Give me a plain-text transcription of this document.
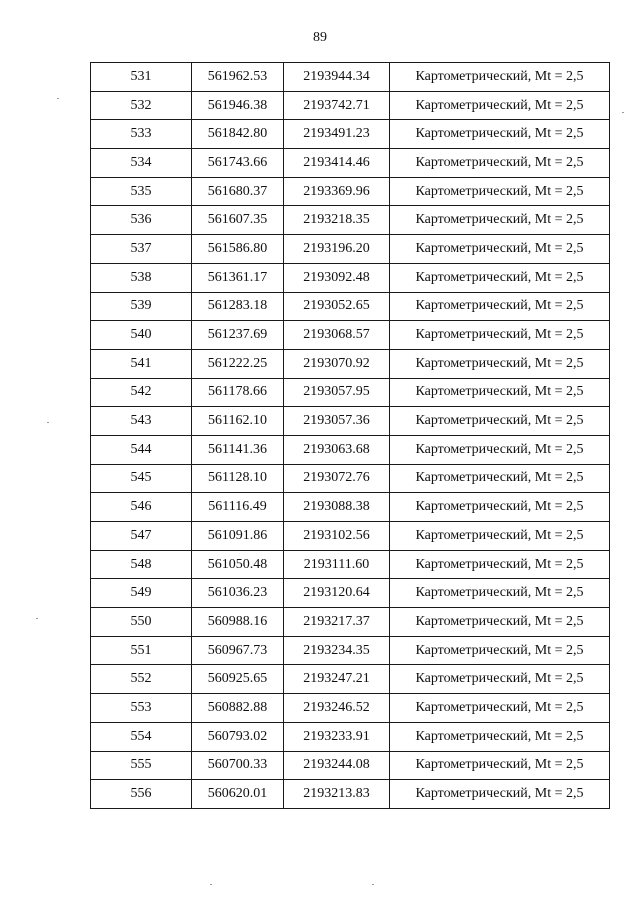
89
531	561962.53	2193944.34	Картометрический, Mt = 2,5
532	561946.38	2193742.71	Картометрический, Mt = 2,5
533	561842.80	2193491.23	Картометрический, Mt = 2,5
534	561743.66	2193414.46	Картометрический, Mt = 2,5
535	561680.37	2193369.96	Картометрический, Mt = 2,5
536	561607.35	2193218.35	Картометрический, Mt = 2,5
537	561586.80	2193196.20	Картометрический, Mt = 2,5
538	561361.17	2193092.48	Картометрический, Mt = 2,5
539	561283.18	2193052.65	Картометрический, Mt = 2,5
540	561237.69	2193068.57	Картометрический, Mt = 2,5
541	561222.25	2193070.92	Картометрический, Mt = 2,5
542	561178.66	2193057.95	Картометрический, Mt = 2,5
543	561162.10	2193057.36	Картометрический, Mt = 2,5
544	561141.36	2193063.68	Картометрический, Mt = 2,5
545	561128.10	2193072.76	Картометрический, Mt = 2,5
546	561116.49	2193088.38	Картометрический, Mt = 2,5
547	561091.86	2193102.56	Картометрический, Mt = 2,5
548	561050.48	2193111.60	Картометрический, Mt = 2,5
549	561036.23	2193120.64	Картометрический, Mt = 2,5
550	560988.16	2193217.37	Картометрический, Mt = 2,5
551	560967.73	2193234.35	Картометрический, Mt = 2,5
552	560925.65	2193247.21	Картометрический, Mt = 2,5
553	560882.88	2193246.52	Картометрический, Mt = 2,5
554	560793.02	2193233.91	Картометрический, Mt = 2,5
555	560700.33	2193244.08	Картометрический, Mt = 2,5
556	560620.01	2193213.83	Картометрический, Mt = 2,5
